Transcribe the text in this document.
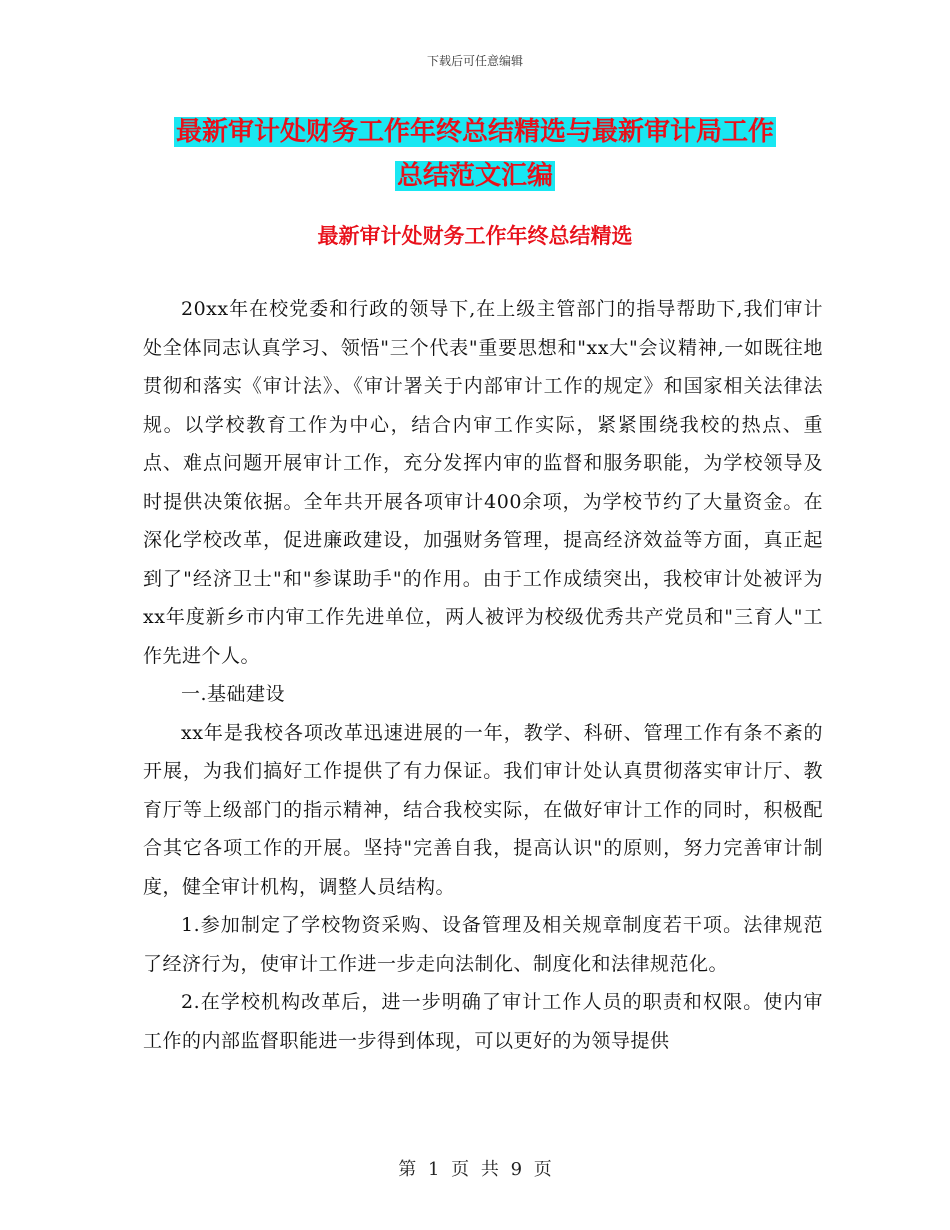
下载后可任意编辑
最新审计处财务工作年终总结精选与最新审计局工作
总结范文汇编
最新审计处财务工作年终总结精选

20xx年在校党委和行政的领导下,在上级主管部门的指导帮助下,我们审计处全体同志认真学习、领悟"三个代表"重要思想和"xx大"会议精神,一如既往地贯彻和落实《审计法》、《审计署关于内部审计工作的规定》和国家相关法律法规。以学校教育工作为中心，结合内审工作实际，紧紧围绕我校的热点、重点、难点问题开展审计工作，充分发挥内审的监督和服务职能，为学校领导及时提供决策依据。全年共开展各项审计400余项，为学校节约了大量资金。在深化学校改革，促进廉政建设，加强财务管理，提高经济效益等方面，真正起到了"经济卫士"和"参谋助手"的作用。由于工作成绩突出，我校审计处被评为xx年度新乡市内审工作先进单位，两人被评为校级优秀共产党员和"三育人"工作先进个人。

一.基础建设

xx年是我校各项改革迅速进展的一年，教学、科研、管理工作有条不紊的开展，为我们搞好工作提供了有力保证。我们审计处认真贯彻落实审计厅、教育厅等上级部门的指示精神，结合我校实际，在做好审计工作的同时，积极配合其它各项工作的开展。坚持"完善自我，提高认识"的原则，努力完善审计制度，健全审计机构，调整人员结构。

1.参加制定了学校物资采购、设备管理及相关规章制度若干项。法律规范了经济行为，使审计工作进一步走向法制化、制度化和法律规范化。

2.在学校机构改革后，进一步明确了审计工作人员的职责和权限。使内审工作的内部监督职能进一步得到体现，可以更好的为领导提供

第 1 页 共 9 页
